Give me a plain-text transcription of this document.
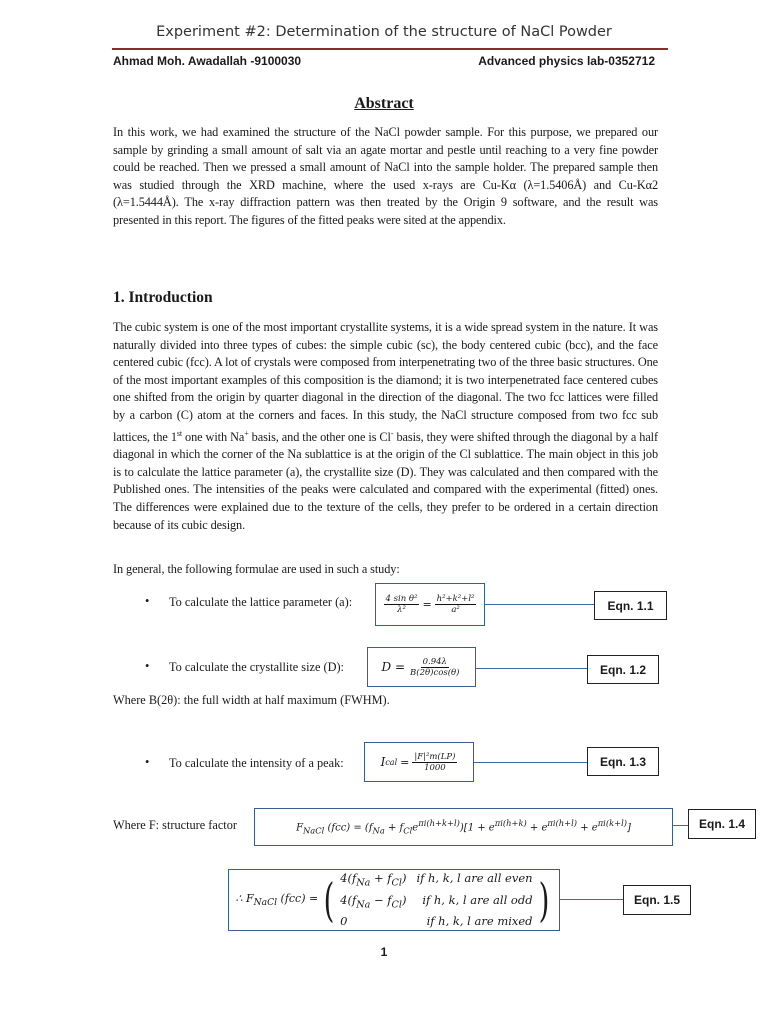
Experiment #2: Determination of the structure of NaCl Powder
Ahmad Moh. Awadallah -9100030	Advanced physics lab-0352712
Abstract
In this work, we had examined the structure of the NaCl powder sample. For this purpose, we prepared our sample by grinding a small amount of salt via an agate mortar and pestle until reaching to a very fine powder could be reached. Then we pressed a small amount of NaCl into the sample holder. The prepared sample then was studied through the XRD machine, where the used x-rays are Cu-Kα (λ=1.5406Å) and Cu-Kα2 (λ=1.5444Å). The x-ray diffraction pattern was then treated by the Origin 9 software, and the result was presented in this report. The figures of the fitted peaks were sited at the appendix.
1. Introduction
The cubic system is one of the most important crystallite systems, it is a wide spread system in the nature. It was naturally divided into three types of cubes: the simple cubic (sc), the body centered cubic (bcc), and the face centered cubic (fcc). A lot of crystals were composed from interpenetrating two of the three basic structures. One of the most important examples of this composition is the diamond; it is two interpenetrated face centered cubes one shifted from the origin by quarter diagonal in the direction of the diagonal. The two fcc lattices were filled by a carbon (C) atom at the corners and faces. In this study, the NaCl structure composed from two fcc sub lattices, the 1st one with Na+ basis, and the other one is Cl- basis, they were shifted through the diagonal by a half diagonal in which the corner of the Na sublattice is at the origin of the Cl sublattice. The main object in this job is to calculate the lattice parameter (a), the crystallite size (D). They was calculated and then compared with the Published ones. The intensities of the peaks were calculated and compared with the experimental (fitted) ones. The differences were explained due to the texture of the cells, they prefer to be ordered in a certain direction because of its cubic design.
In general, the following formulae are used in such a study:
• To calculate the lattice parameter (a):	$\frac{\text{4 sin θ²}}{\text{λ²}} = \frac{\text{h²+k²+l²}}{\text{a²}}$	Eqn. 1.1
• To calculate the crystallite size (D):	$D = \frac{0.94\lambda}{B(2\theta)\cos(\theta)}$	Eqn. 1.2
Where B(2θ): the full width at half maximum (FWHM).
• To calculate the intensity of a peak:	I cal = $\frac{\text{|F|²m(LP)}}{1000}$	Eqn. 1.3
Where F: structure factor	$F_{NaCl}$ $(fcc) = (f_{Na} + f_{Cl}e^{\pi i(h+k+l)})[1 + e^{\pi i(h+k)} + e^{\pi i(h+l)} + e^{\pi i(k+l)}]$	Eqn. 1.4
∴ $F_{NaCl}$ (fcc) = ( $4(f_{Na} + f_{Cl})$ if h, k, l are all even
$4(f_{Na} - f_{Cl})$ if h, k, l are all odd
0	if h, k, l are mixed )	Eqn. 1.5
1
